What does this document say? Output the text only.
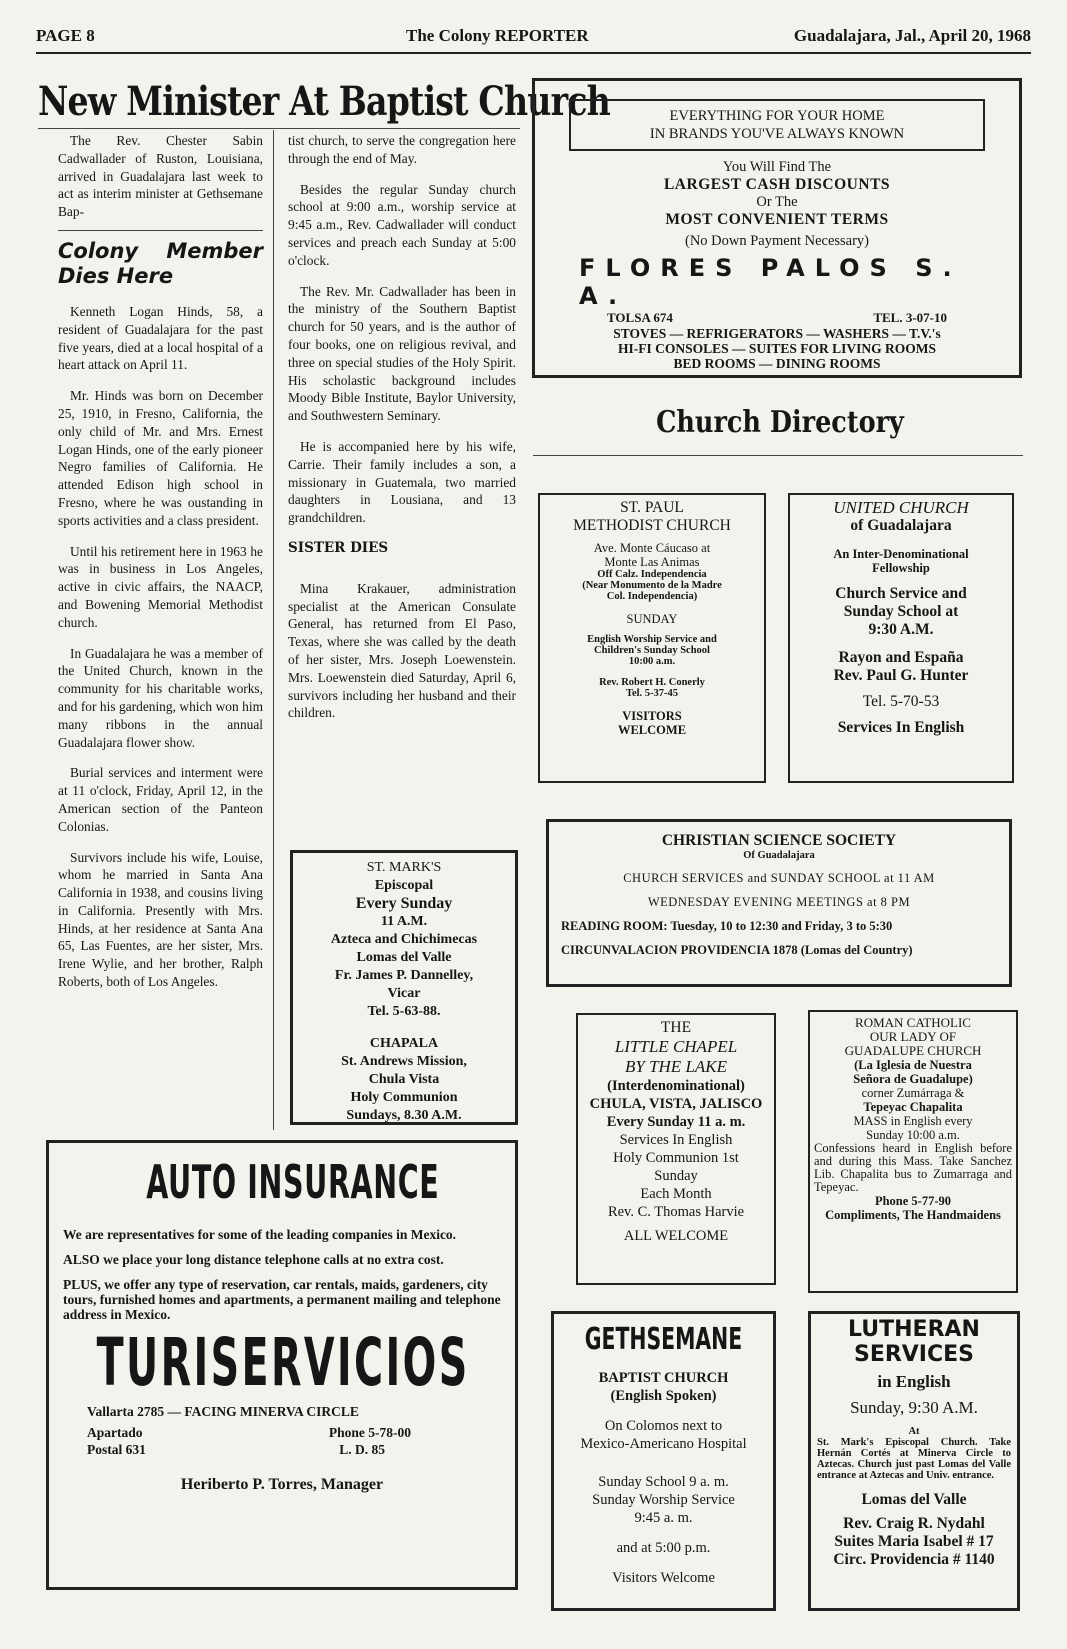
PAGE 8	The Colony REPORTER	Guadalajara, Jal., April 20, 1968
New Minister At Baptist Church

The Rev. Chester Sabin Cadwallader of Ruston, Louisiana, arrived in Guadalajara last week to act as interim minister at Gethsemane Bap-

Colony Member Dies Here

Kenneth Logan Hinds, 58, a resident of Guadalajara for the past five years, died at a local hospital of a heart attack on April 11.

Mr. Hinds was born on December 25, 1910, in Fresno, California, the only child of Mr. and Mrs. Ernest Logan Hinds, one of the early pioneer Negro families of California. He attended Edison high school in Fresno, where he was oustanding in sports activities and a class president.

Until his retirement here in 1963 he was in business in Los Angeles, active in civic affairs, the NAACP, and Bowening Memorial Methodist church.

In Guadalajara he was a member of the United Church, known in the community for his charitable works, and for his gardening, which won him many ribbons in the annual Guadalajara flower show.

Burial services and interment were at 11 o'clock, Friday, April 12, in the American section of the Panteon Colonias.

Survivors include his wife, Louise, whom he married in Santa Ana California in 1938, and cousins living in California. Presently with Mrs. Hinds, at her residence at Santa Ana 65, Las Fuentes, are her sister, Mrs. Irene Wylie, and her brother, Ralph Roberts, both of Los Angeles.

tist church, to serve the congregation here through the end of May.

Besides the regular Sunday church school at 9:00 a.m., worship service at 9:45 a.m., Rev. Cadwallader will conduct services and preach each Sunday at 5:00 o'clock.

The Rev. Mr. Cadwallader has been in the ministry of the Southern Baptist church for 50 years, and is the author of four books, one on religious revival, and three on special studies of the Holy Spirit. His scholastic background includes Moody Bible Institute, Baylor University, and Southwestern Seminary.

He is accompanied here by his wife, Carrie. Their family includes a son, a missionary in Guatemala, two married daughters in Lousiana, and 13 grandchildren.

SISTER DIES

Mina Krakauer, administration specialist at the American Consulate General, has returned from El Paso, Texas, where she was called by the death of her sister, Mrs. Joseph Loewenstein. Mrs. Loewenstein died Saturday, April 6, survivors including her husband and their children.

ST. MARK'S
Episcopal
Every Sunday
11 A.M.
Azteca and Chichimecas
Lomas del Valle
Fr. James P. Dannelley,
Vicar
Tel. 5-63-88.
CHAPALA
St. Andrews Mission,
Chula Vista
Holy Communion
Sundays, 8.30 A.M.
AUTO INSURANCE

We are representatives for some of the leading companies in Mexico.

ALSO we place your long distance telephone calls at no extra cost.

PLUS, we offer any type of reservation, car rentals, maids, gardeners, city tours, furnished homes and apartments, a permanent mailing and telephone address in Mexico.

TURISERVICIOS
Vallarta 2785 — FACING MINERVA CIRCLE
Apartado	Phone 5-78-00
Postal 631	L. D. 85
Heriberto P. Torres, Manager
EVERYTHING FOR YOUR HOME
IN BRANDS YOU'VE ALWAYS KNOWN
You Will Find The
LARGEST CASH DISCOUNTS
Or The
MOST CONVENIENT TERMS
(No Down Payment Necessary)
FLORES PALOS S. A.
TOLSA 674	TEL. 3-07-10
STOVES — REFRIGERATORS — WASHERS — T.V.'s
HI-FI CONSOLES — SUITES FOR LIVING ROOMS
BED ROOMS — DINING ROOMS
Church Directory
ST. PAUL
METHODIST CHURCH
Ave. Monte Cáucaso at
Monte Las Animas
Off Calz. Independencia
(Near Monumento de la Madre
Col. Independencia)
SUNDAY
English Worship Service and
Children's Sunday School
10:00 a.m.
Rev. Robert H. Conerly
Tel. 5-37-45
VISITORS
WELCOME
UNITED CHURCH
of Guadalajara
An Inter-Denominational
Fellowship
Church Service and
Sunday School at
9:30 A.M.
Rayon and España
Rev. Paul G. Hunter
Tel. 5-70-53
Services In English
CHRISTIAN SCIENCE SOCIETY
Of Guadalajara
CHURCH SERVICES and SUNDAY SCHOOL at 11 AM
WEDNESDAY EVENING MEETINGS at 8 PM
READING ROOM: Tuesday, 10 to 12:30 and Friday, 3 to 5:30
CIRCUNVALACION PROVIDENCIA 1878 (Lomas del Country)
THE
LITTLE CHAPEL
BY THE LAKE
(Interdenominational)
CHULA, VISTA, JALISCO
Every Sunday 11 a. m.
Services In English
Holy Communion 1st
Sunday
Each Month
Rev. C. Thomas Harvie
ALL WELCOME
ROMAN CATHOLIC
OUR LADY OF
GUADALUPE CHURCH
(La Iglesia de Nuestra
Señora de Guadalupe)
corner Zumárraga &
Tepeyac Chapalita
MASS in English every
Sunday 10:00 a.m.
Confessions heard in English before and during this Mass. Take Sanchez Lib. Chapalita bus to Zumarraga and Tepeyac.
Phone 5-77-90
Compliments, The Handmaidens
GETHSEMANE
BAPTIST CHURCH
(English Spoken)
On Colomos next to
Mexico-Americano Hospital
Sunday School 9 a. m.
Sunday Worship Service
9:45 a. m.
and at 5:00 p.m.
Visitors Welcome
LUTHERAN
SERVICES
in English
Sunday, 9:30 A.M.
At
St. Mark's Episcopal Church. Take Hernán Cortés at Minerva Circle to Aztecas. Church just past Lomas del Valle entrance at Aztecas and Univ. entrance.
Lomas del Valle
Rev. Craig R. Nydahl
Suites Maria Isabel # 17
Circ. Providencia # 1140
